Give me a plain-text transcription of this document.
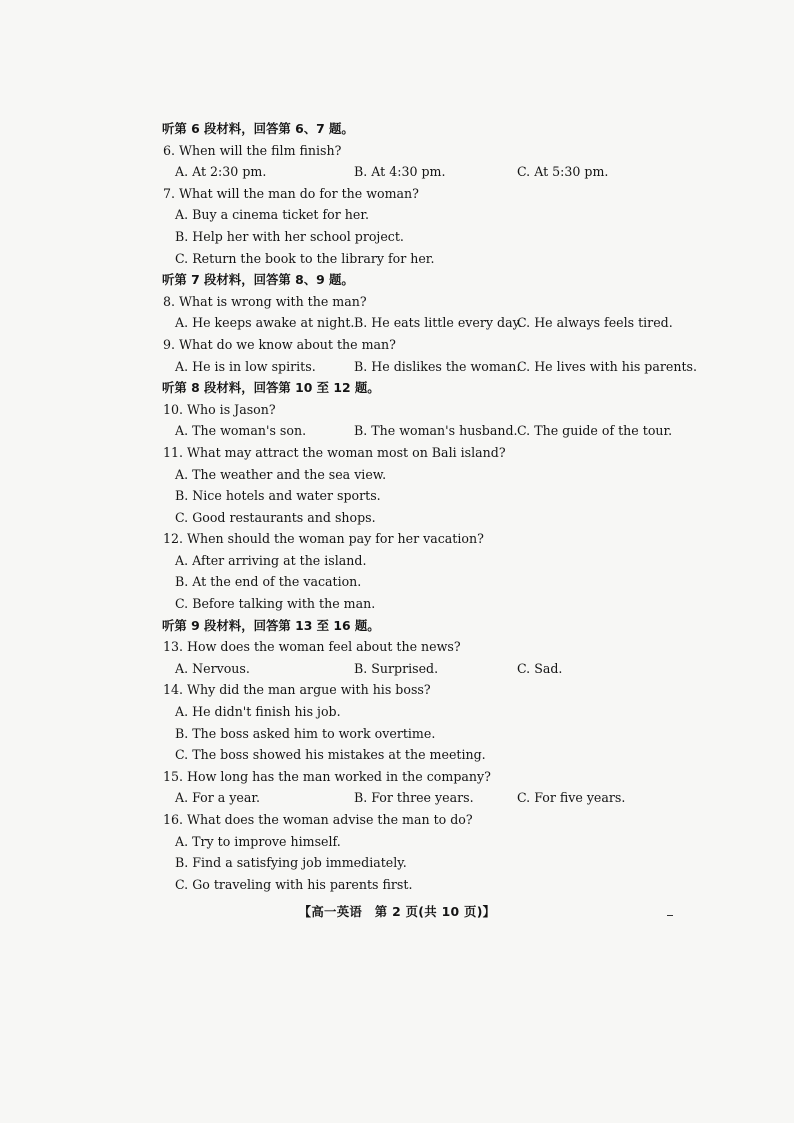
听第 6 段材料，回答第 6、7 题。
6. When will the film finish?
A. At 2:30 pm.	B. At 4:30 pm.	C. At 5:30 pm.
7. What will the man do for the woman?
A. Buy a cinema ticket for her.
B. Help her with her school project.
C. Return the book to the library for her.
听第 7 段材料，回答第 8、9 题。
8. What is wrong with the man?
A. He keeps awake at night. B. He eats little every day.
C. He always feels tired.
9. What do we know about the man?
A. He is in low spirits.	B. He dislikes the woman.
C. He lives with his parents.
听第 8 段材料，回答第 10 至 12 题。
10. Who is Jason?
A. The woman's son.	B. The woman's husband. C. The guide of the tour.
11. What may attract the woman most on Bali island?
A. The weather and the sea view.
B. Nice hotels and water sports.
C. Good restaurants and shops.
12. When should the woman pay for her vacation?
A. After arriving at the island.
B. At the end of the vacation.
C. Before talking with the man.
听第 9 段材料，回答第 13 至 16 题。
13. How does the woman feel about the news?
A. Nervous.	B. Surprised.	C. Sad.
14. Why did the man argue with his boss?
A. He didn't finish his job.
B. The boss asked him to work overtime.
C. The boss showed his mistakes at the meeting.
15. How long has the man worked in the company?
A. For a year.	B. For three years.	C. For five years.
16. What does the woman advise the man to do?
A. Try to improve himself.
B. Find a satisfying job immediately.
C. Go traveling with his parents first.
【高一英语　第 2 页(共 10 页)】
